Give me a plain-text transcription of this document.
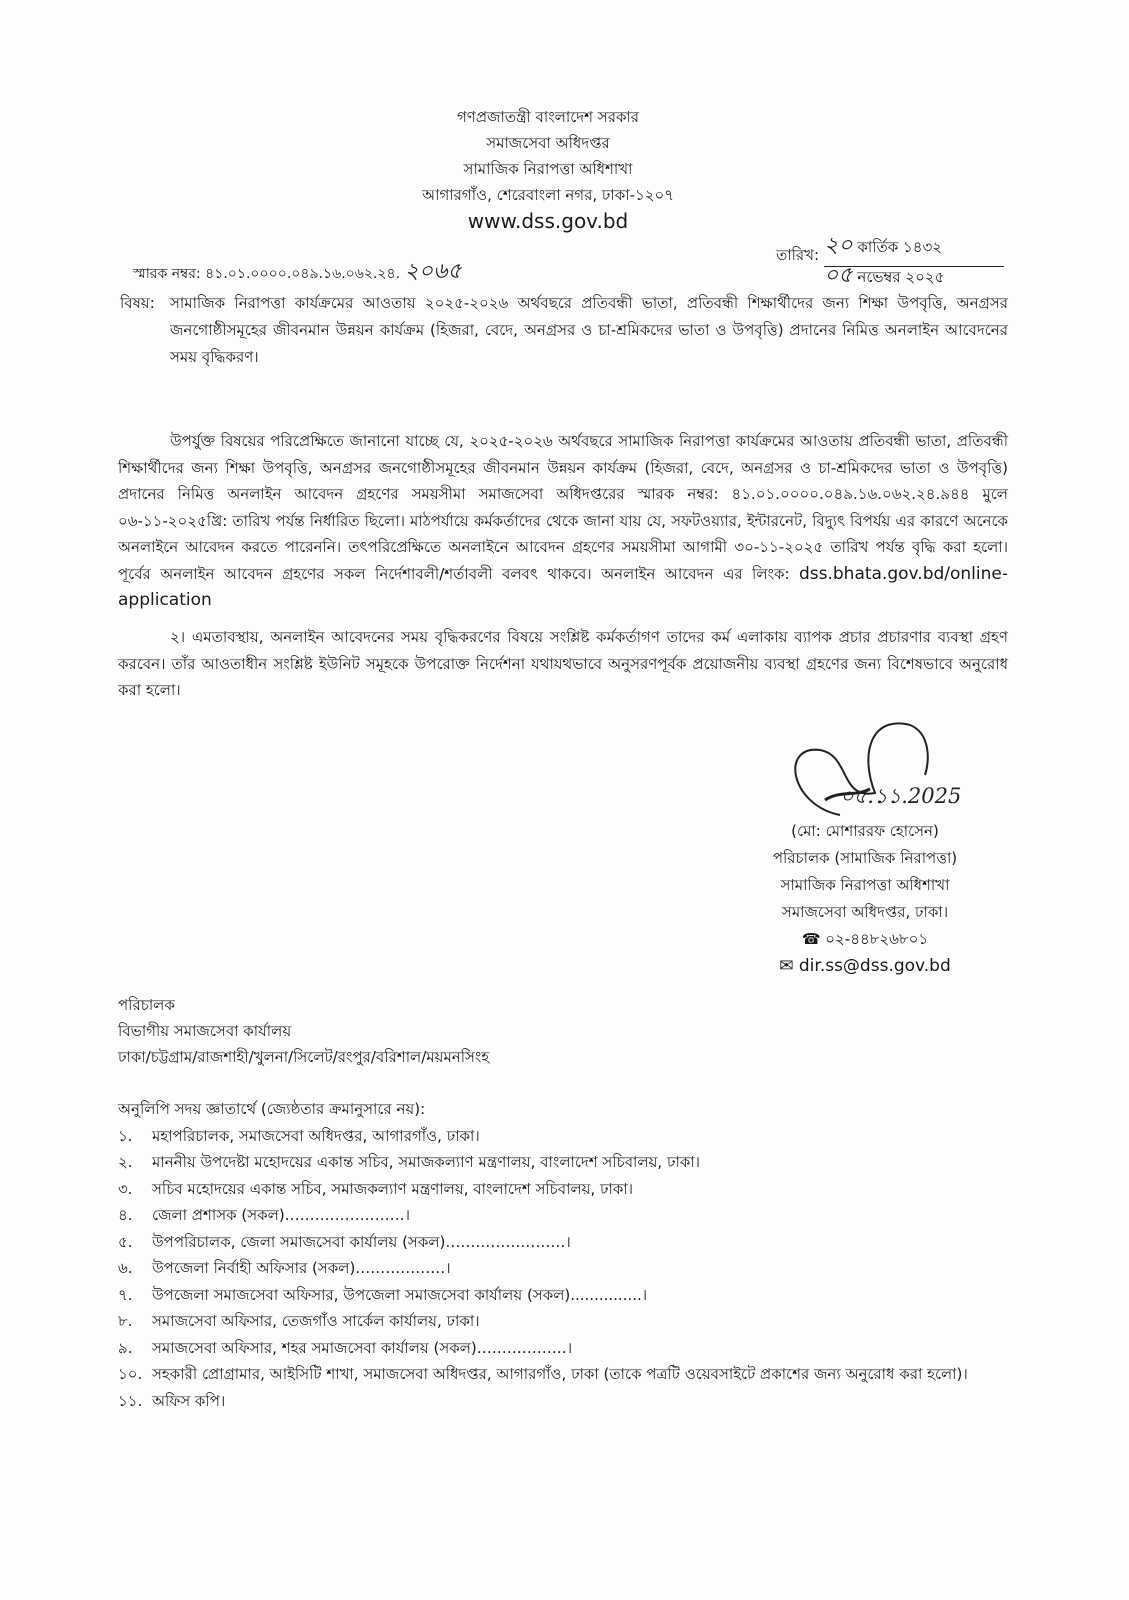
গণপ্রজাতন্ত্রী বাংলাদেশ সরকার
সমাজসেবা অধিদপ্তর
সামাজিক নিরাপত্তা অধিশাখা
আগারগাঁও, শেরেবাংলা নগর, ঢাকা-১২০৭
www.dss.gov.bd
স্মারক নম্বর: ৪১.০১.০০০০.০৪৯.১৬.০৬২.২৪. ২০৬৫
তারিখ: ২০ কার্তিক ১৪৩২
০৫ নভেম্বর ২০২৫
বিষয়: সামাজিক নিরাপত্তা কার্যক্রমের আওতায় ২০২৫-২০২৬ অর্থবছরে প্রতিবন্ধী ভাতা, প্রতিবন্ধী শিক্ষার্থীদের জন্য শিক্ষা উপবৃত্তি, অনগ্রসর জনগোষ্ঠীসমূহের জীবনমান উন্নয়ন কার্যক্রম (হিজরা, বেদে, অনগ্রসর ও চা-শ্রমিকদের ভাতা ও উপবৃত্তি) প্রদানের নিমিত্ত অনলাইন আবেদনের সময় বৃদ্ধিকরণ।
উপর্যুক্ত বিষয়ের পরিপ্রেক্ষিতে জানানো যাচ্ছে যে, ২০২৫-২০২৬ অর্থবছরে সামাজিক নিরাপত্তা কার্যক্রমের আওতায় প্রতিবন্ধী ভাতা, প্রতিবন্ধী শিক্ষার্থীদের জন্য শিক্ষা উপবৃত্তি, অনগ্রসর জনগোষ্ঠীসমূহের জীবনমান উন্নয়ন কার্যক্রম (হিজরা, বেদে, অনগ্রসর ও চা-শ্রমিকদের ভাতা ও উপবৃত্তি) প্রদানের নিমিত্ত অনলাইন আবেদন গ্রহণের সময়সীমা সমাজসেবা অধিদপ্তরের স্মারক নম্বর: ৪১.০১.০০০০.০৪৯.১৬.০৬২.২৪.৯৪৪ মুলে ০৬-১১-২০২৫খ্রি: তারিখ পর্যন্ত নির্ধারিত ছিলো। মাঠপর্যায়ে কর্মকর্তাদের থেকে জানা যায় যে, সফটওয়্যার, ইন্টারনেট, বিদ্যুৎ বিপর্যয় এর কারণে অনেকে অনলাইনে আবেদন করতে পারেননি। তৎপরিপ্রেক্ষিতে অনলাইনে আবেদন গ্রহণের সময়সীমা আগামী ৩০-১১-২০২৫ তারিখ পর্যন্ত বৃদ্ধি করা হলো। পূর্বের অনলাইন আবেদন গ্রহণের সকল নির্দেশাবলী/শর্তাবলী বলবৎ থাকবে। অনলাইন আবেদন এর লিংক: dss.bhata.gov.bd/online-application
২। এমতাবস্থায়, অনলাইন আবেদনের সময় বৃদ্ধিকরণের বিষয়ে সংশ্লিষ্ট কর্মকর্তাগণ তাদের কর্ম এলাকায় ব্যাপক প্রচার প্রচারণার ব্যবস্থা গ্রহণ করবেন। তাঁর আওতাধীন সংশ্লিষ্ট ইউনিট সমূহকে উপরোক্ত নির্দেশনা যথাযথভাবে অনুসরণপূর্বক প্রয়োজনীয় ব্যবস্থা গ্রহণের জন্য বিশেষভাবে অনুরোধ করা হলো।
০৫.১১.2025
(মো: মোশাররফ হোসেন)
পরিচালক (সামাজিক নিরাপত্তা)
সামাজিক নিরাপত্তা অধিশাখা
সমাজসেবা অধিদপ্তর, ঢাকা।
☎ ০২-৪৪৮২৬৮০১
✉ dir.ss@dss.gov.bd
পরিচালক
বিভাগীয় সমাজসেবা কার্যালয়
ঢাকা/চট্টগ্রাম/রাজশাহী/খুলনা/সিলেট/রংপুর/বরিশাল/ময়মনসিংহ
অনুলিপি সদয় জ্ঞাতার্থে (জ্যেষ্ঠতার ক্রমানুসারে নয়):
১.	মহাপরিচালক, সমাজসেবা অধিদপ্তর, আগারগাঁও, ঢাকা।
২.	মাননীয় উপদেষ্টা মহোদয়ের একান্ত সচিব, সমাজকল্যাণ মন্ত্রণালয়, বাংলাদেশ সচিবালয়, ঢাকা।
৩.	সচিব মহোদয়ের একান্ত সচিব, সমাজকল্যাণ মন্ত্রণালয়, বাংলাদেশ সচিবালয়, ঢাকা।
৪.	জেলা প্রশাসক (সকল)……………………।
৫.	উপপরিচালক, জেলা সমাজসেবা কার্যালয় (সকল)……………………।
৬.	উপজেলা নির্বাহী অফিসার (সকল)………………।
৭.	উপজেলা সমাজসেবা অফিসার, উপজেলা সমাজসেবা কার্যালয় (সকল)...............।
৮.	সমাজসেবা অফিসার, তেজগাঁও সার্কেল কার্যালয়, ঢাকা।
৯.	সমাজসেবা অফিসার, শহর সমাজসেবা কার্যালয় (সকল)………………।
১০. সহকারী প্রোগ্রামার, আইসিটি শাখা, সমাজসেবা অধিদপ্তর, আগারগাঁও, ঢাকা (তাকে পত্রটি ওয়েবসাইটে প্রকাশের জন্য অনুরোধ করা হলো)।
১১. অফিস কপি।
